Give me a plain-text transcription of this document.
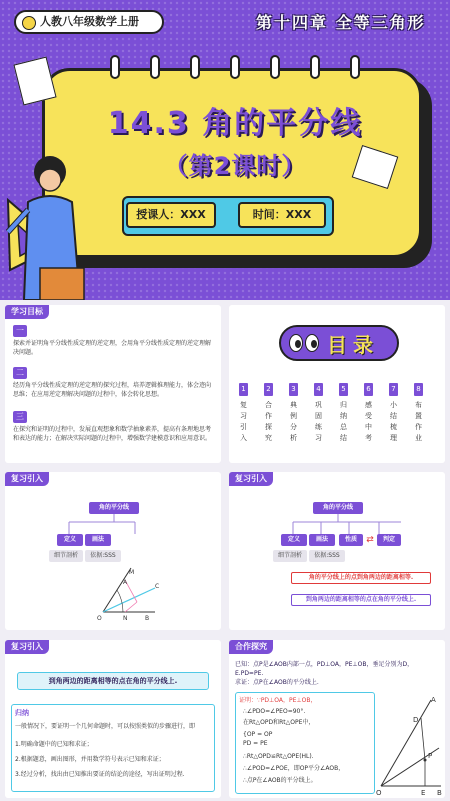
人教八年级数学上册	第十四章 全等三角形
14.3 角的平分线
（第2课时）
授课人：XXX	时间：XXX
学习目标
一
探索并证明角平分线性质定理的逆定理，会用角平分线性质定理的逆定理解决问题。
二
经历角平分线性质定理的逆定理的探究过程，培养逻辑推理能力，体会迹向思维；在应用逆定理解决问题的过程中，体会转化思想。
三
在探究和证明的过程中，发展直观想象和数学抽象素养，提高有条理地思考和表达的能力；在解决实际问题的过程中，增强数学建模意识和应用意识。
目录
1
复习引入
2
合作探究
3
典例分析
4
巩固练习
5
归纳总结
6
感受中考
7
小结梳理
8
布置作业
复习引入
角的平分线
定义	画法
细节剖析	依据:SSS
M
A
C
O	N	B
复习引入
角的平分线
定义	画法	性质	⇄	判定
细节剖析	依据:SSS
角的平分线上的点到角两边的距离相等.
到角两边的距离相等的点在角的平分线上.
复习引入
到角两边的距离相等的点在角的平分线上.
归纳
一般情况下，要证明一个几何命题时，可以按照类似的步骤进行，即
1.明确命题中的已知和求证；
2.根据题意，画出图形，并用数学符号表示已知和求证；
3.经过分析，找出由已知推出要证的结论的途径，写出证明过程.
合作探究
已知：点P是∠AOB内部一点，PD⊥OA，PE⊥OB，垂足分别为D，E.PD=PE.
求证：点P在∠AOB的平分线上.
证明：∵PD⊥OA，PE⊥OB，
∴∠PDO=∠PEO=90°.
在Rt△OPD和Rt△OPE中，
{OP = OP
PD = PE
∴Rt△OPD≌Rt△OPE(HL).
∴∠POD=∠POE，即OP平分∠AOB，
∴点P在∠AOB的平分线上。
A
D
P
O	E B
